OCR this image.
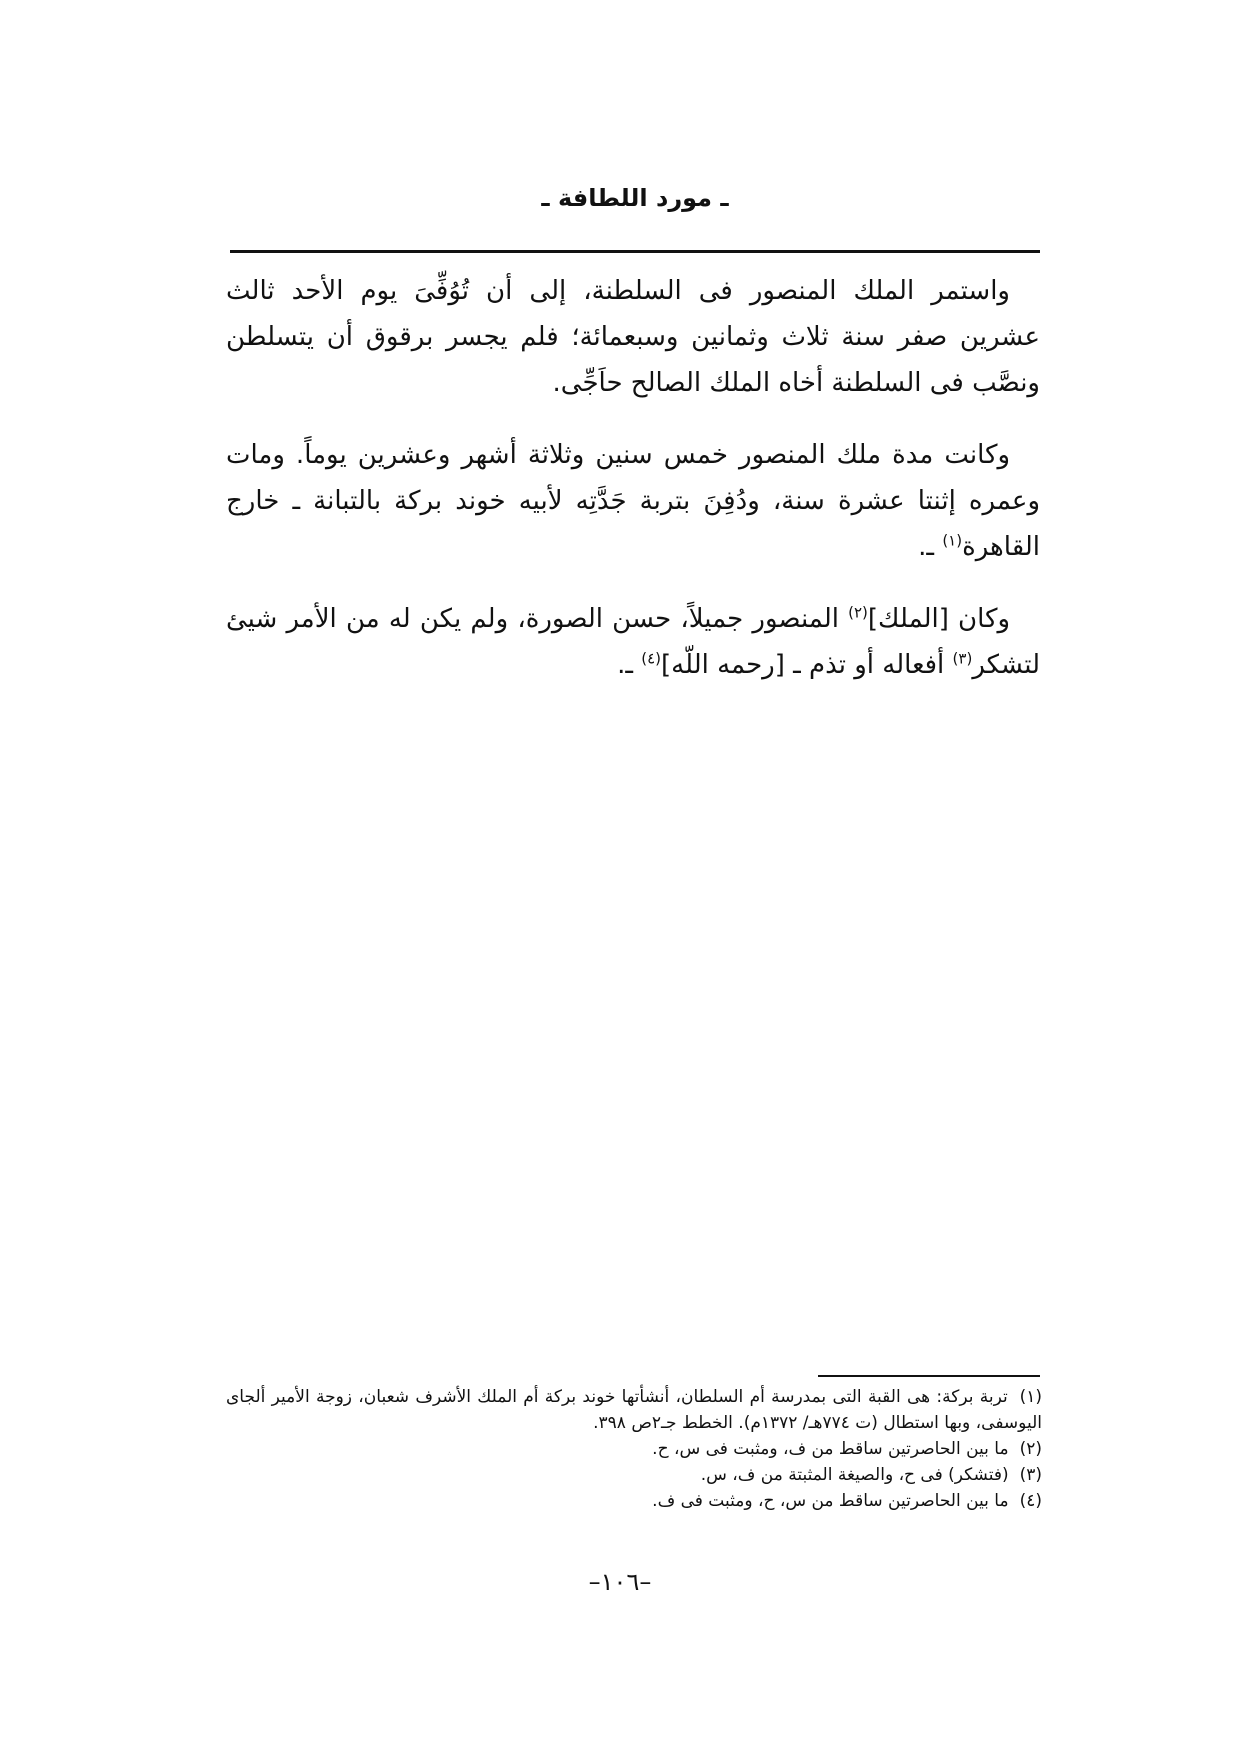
ـ مورد اللطافة ـ

واستمر الملك المنصور فى السلطنة، إلى أن تُوُفِّىَ يوم الأحد ثالث عشرين صفر سنة ثلاث وثمانين وسبعمائة؛ فلم يجسر برقوق أن يتسلطن ونصَّب فى السلطنة أخاه الملك الصالح حاَجِّى.

وكانت مدة ملك المنصور خمس سنين وثلاثة أشهر وعشرين يوماً. ومات وعمره إثنتا عشرة سنة، ودُفِنَ بتربة جَدَّتِه لأبيه خوند بركة بالتبانة ـ خارج القاهرة$^{(١)}$ ـ.

وكان [الملك]$^{(٢)}$ المنصور جميلاً، حسن الصورة، ولم يكن له من الأمر شيئ لتشكر$^{(٣)}$ أفعاله أو تذم ـ [رحمه اللّه]$^{(٤)}$ ـ.

(١) تربة بركة: هى القبة التى بمدرسة أم السلطان، أنشأتها خوند بركة أم الملك الأشرف شعبان، زوجة الأمير ألجاى اليوسفى، وبها استطال (ت ٧٧٤هـ/ ١٣٧٢م). الخطط جـ٢ص ٣٩٨.

(٢) ما بين الحاصرتين ساقط من ف، ومثبت فى س، ح.

(٣) (فتشكر) فى ح، والصيغة المثبتة من ف، س.

(٤) ما بين الحاصرتين ساقط من س، ح، ومثبت فى ف.

–١٠٦–
